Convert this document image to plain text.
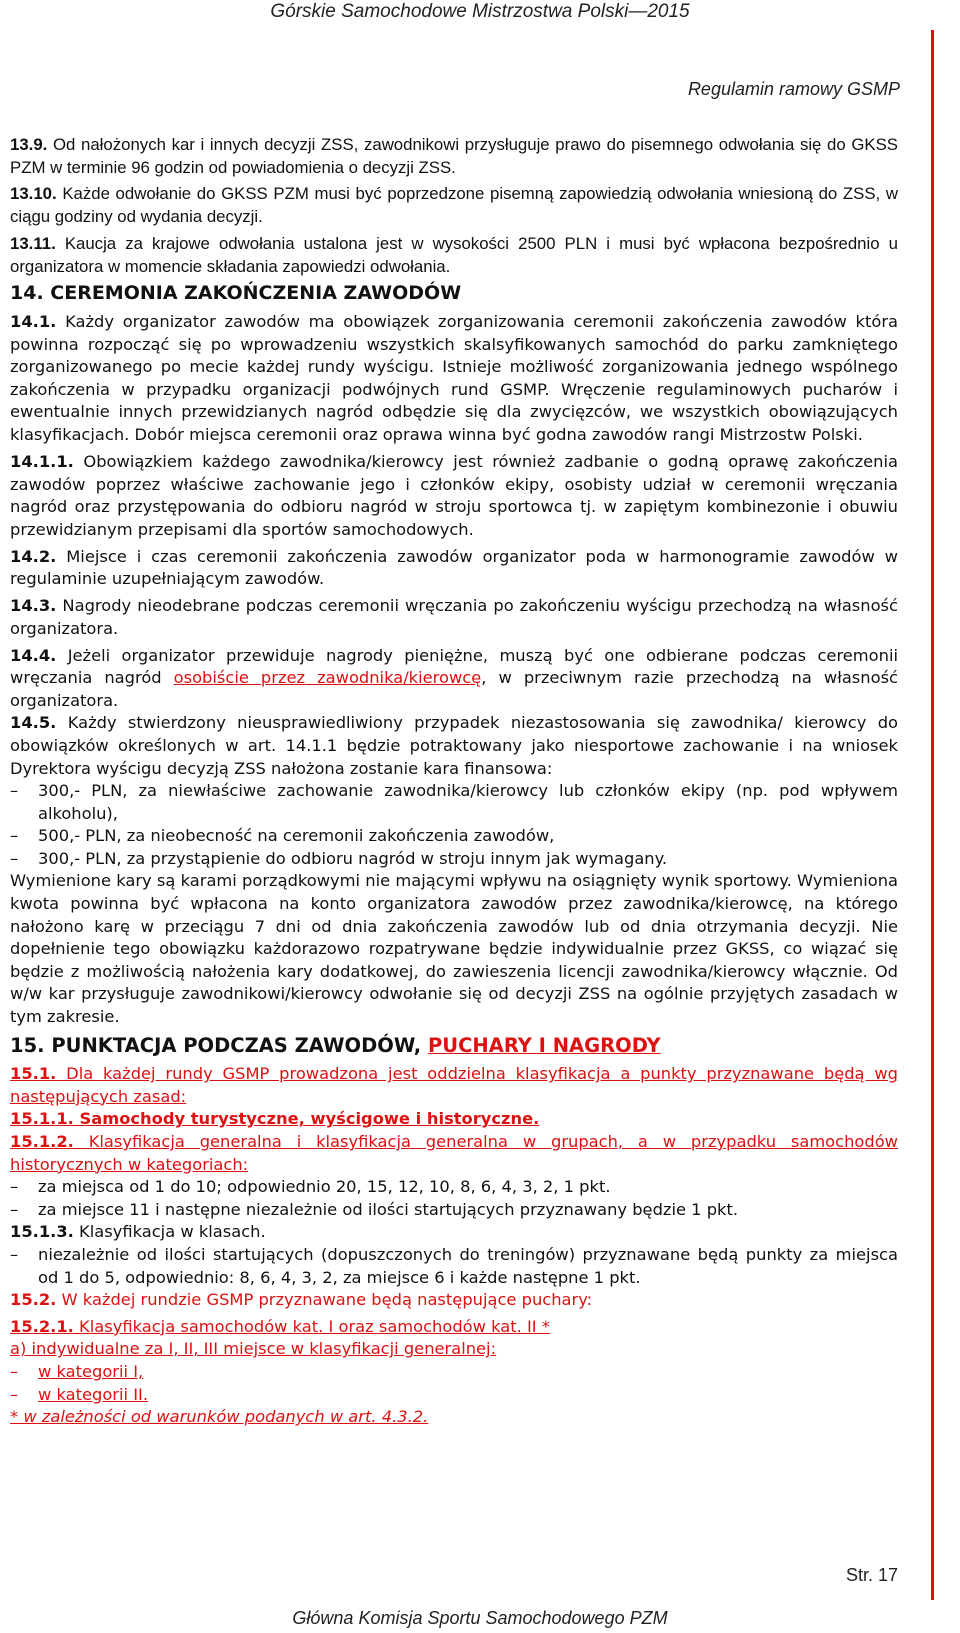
Górskie Samochodowe Mistrzostwa Polski—2015
Regulamin ramowy GSMP

13.9. Od nałożonych kar i innych decyzji ZSS, zawodnikowi przysługuje prawo do pisemnego odwołania się do GKSS PZM w terminie 96 godzin od powiadomienia o decyzji ZSS.

13.10. Każde odwołanie do GKSS PZM musi być poprzedzone pisemną zapowiedzią odwołania wniesioną do ZSS, w ciągu godziny od wydania decyzji.

13.11. Kaucja za krajowe odwołania ustalona jest w wysokości 2500 PLN i musi być wpłacona bezpośrednio u organizatora w momencie składania zapowiedzi odwołania.

14. CEREMONIA ZAKOŃCZENIA ZAWODÓW

14.1. Każdy organizator zawodów ma obowiązek zorganizowania ceremonii zakończenia zawodów która powinna rozpocząć się po wprowadzeniu wszystkich skalsyfikowanych samochód do parku zamkniętego zorganizowanego po mecie każdej rundy wyścigu. Istnieje możliwość zorganizowania jednego wspólnego zakończenia w przypadku organizacji podwójnych rund GSMP. Wręczenie regulaminowych pucharów i ewentualnie innych przewidzianych nagród odbędzie się dla zwycięzców, we wszystkich obowiązujących klasyfikacjach. Dobór miejsca ceremonii oraz oprawa winna być godna zawodów rangi Mistrzostw Polski.

14.1.1. Obowiązkiem każdego zawodnika/kierowcy jest również zadbanie o godną oprawę zakończenia zawodów poprzez właściwe zachowanie jego i członków ekipy, osobisty udział w ceremonii wręczania nagród oraz przystępowania do odbioru nagród w stroju sportowca tj. w zapiętym kombinezonie i obuwiu przewidzianym przepisami dla sportów samochodowych.

14.2. Miejsce i czas ceremonii zakończenia zawodów organizator poda w harmonogramie zawodów w regulaminie uzupełniającym zawodów.

14.3. Nagrody nieodebrane podczas ceremonii wręczania po zakończeniu wyścigu przechodzą na własność organizatora.

14.4. Jeżeli organizator przewiduje nagrody pieniężne, muszą być one odbierane podczas ceremonii wręczania nagród osobiście przez zawodnika/kierowcę, w przeciwnym razie przechodzą na własność organizatora.

14.5. Każdy stwierdzony nieusprawiedliwiony przypadek niezastosowania się zawodnika/ kierowcy do obowiązków określonych w art. 14.1.1 będzie potraktowany jako niesportowe zachowanie i na wniosek Dyrektora wyścigu decyzją ZSS nałożona zostanie kara finansowa:

– 300,- PLN, za niewłaściwe zachowanie zawodnika/kierowcy lub członków ekipy (np. pod wpływem alkoholu),

– 500,- PLN, za nieobecność na ceremonii zakończenia zawodów,

– 300,- PLN, za przystąpienie do odbioru nagród w stroju innym jak wymagany.

Wymienione kary są karami porządkowymi nie mającymi wpływu na osiągnięty wynik sportowy. Wymieniona kwota powinna być wpłacona na konto organizatora zawodów przez zawodnika/kierowcę, na którego nałożono karę w przeciągu 7 dni od dnia zakończenia zawodów lub od dnia otrzymania decyzji. Nie dopełnienie tego obowiązku każdorazowo rozpatrywane będzie indywidualnie przez GKSS, co wiązać się będzie z możliwością nałożenia kary dodatkowej, do zawieszenia licencji zawodnika/kierowcy włącznie. Od w/w kar przysługuje zawodnikowi/kierowcy odwołanie się od decyzji ZSS na ogólnie przyjętych zasadach w tym zakresie.

15. PUNKTACJA PODCZAS ZAWODÓW, PUCHARY I NAGRODY

15.1. Dla każdej rundy GSMP prowadzona jest oddzielna klasyfikacja a punkty przyznawane będą wg następujących zasad:

15.1.1. Samochody turystyczne, wyścigowe i historyczne.

15.1.2. Klasyfikacja generalna i klasyfikacja generalna w grupach, a w przypadku samochodów historycznych w kategoriach:

– za miejsca od 1 do 10; odpowiednio 20, 15, 12, 10, 8, 6, 4, 3, 2, 1 pkt.

– za miejsce 11 i następne niezależnie od ilości startujących przyznawany będzie 1 pkt.

15.1.3. Klasyfikacja w klasach.

– niezależnie od ilości startujących (dopuszczonych do treningów) przyznawane będą punkty za miejsca od 1 do 5, odpowiednio: 8, 6, 4, 3, 2, za miejsce 6 i każde następne 1 pkt.

15.2. W każdej rundzie GSMP przyznawane będą następujące puchary:

15.2.1. Klasyfikacja samochodów kat. I oraz samochodów kat. II *

a) indywidualne za I, II, III miejsce w klasyfikacji generalnej:

– w kategorii I,

– w kategorii II.

* w zależności od warunków podanych w art. 4.3.2.

Str. 17
Główna Komisja Sportu Samochodowego PZM
